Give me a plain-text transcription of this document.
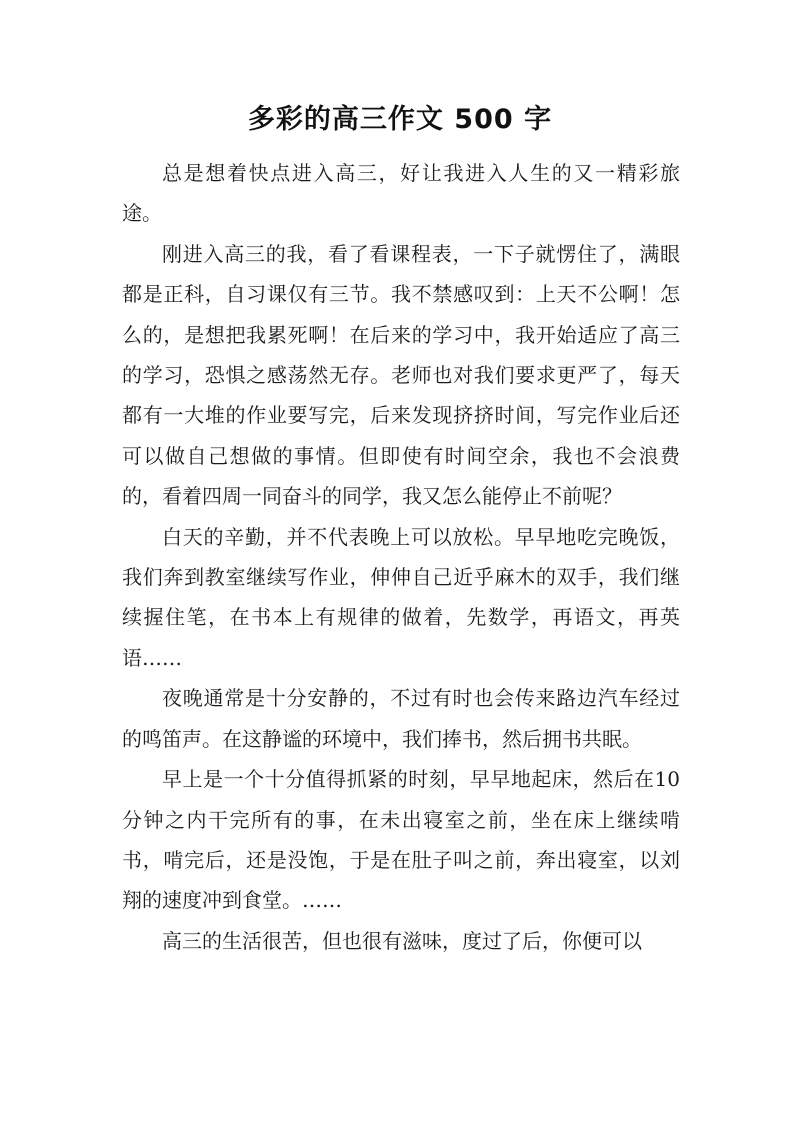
多彩的高三作文 500 字

总是想着快点进入高三，好让我进入人生的又一精彩旅途。

刚进入高三的我，看了看课程表，一下子就愣住了，满眼都是正科，自习课仅有三节。我不禁感叹到：上天不公啊！怎么的，是想把我累死啊！在后来的学习中，我开始适应了高三的学习，恐惧之感荡然无存。老师也对我们要求更严了，每天都有一大堆的作业要写完，后来发现挤挤时间，写完作业后还可以做自己想做的事情。但即使有时间空余，我也不会浪费的，看着四周一同奋斗的同学，我又怎么能停止不前呢？

白天的辛勤，并不代表晚上可以放松。早早地吃完晚饭，我们奔到教室继续写作业，伸伸自己近乎麻木的双手，我们继续握住笔，在书本上有规律的做着，先数学，再语文，再英语……

夜晚通常是十分安静的，不过有时也会传来路边汽车经过的鸣笛声。在这静谧的环境中，我们捧书，然后拥书共眠。

早上是一个十分值得抓紧的时刻，早早地起床，然后在10 分钟之内干完所有的事，在未出寝室之前，坐在床上继续啃书，啃完后，还是没饱，于是在肚子叫之前，奔出寝室，以刘翔的速度冲到食堂。……

高三的生活很苦，但也很有滋味，度过了后，你便可以
